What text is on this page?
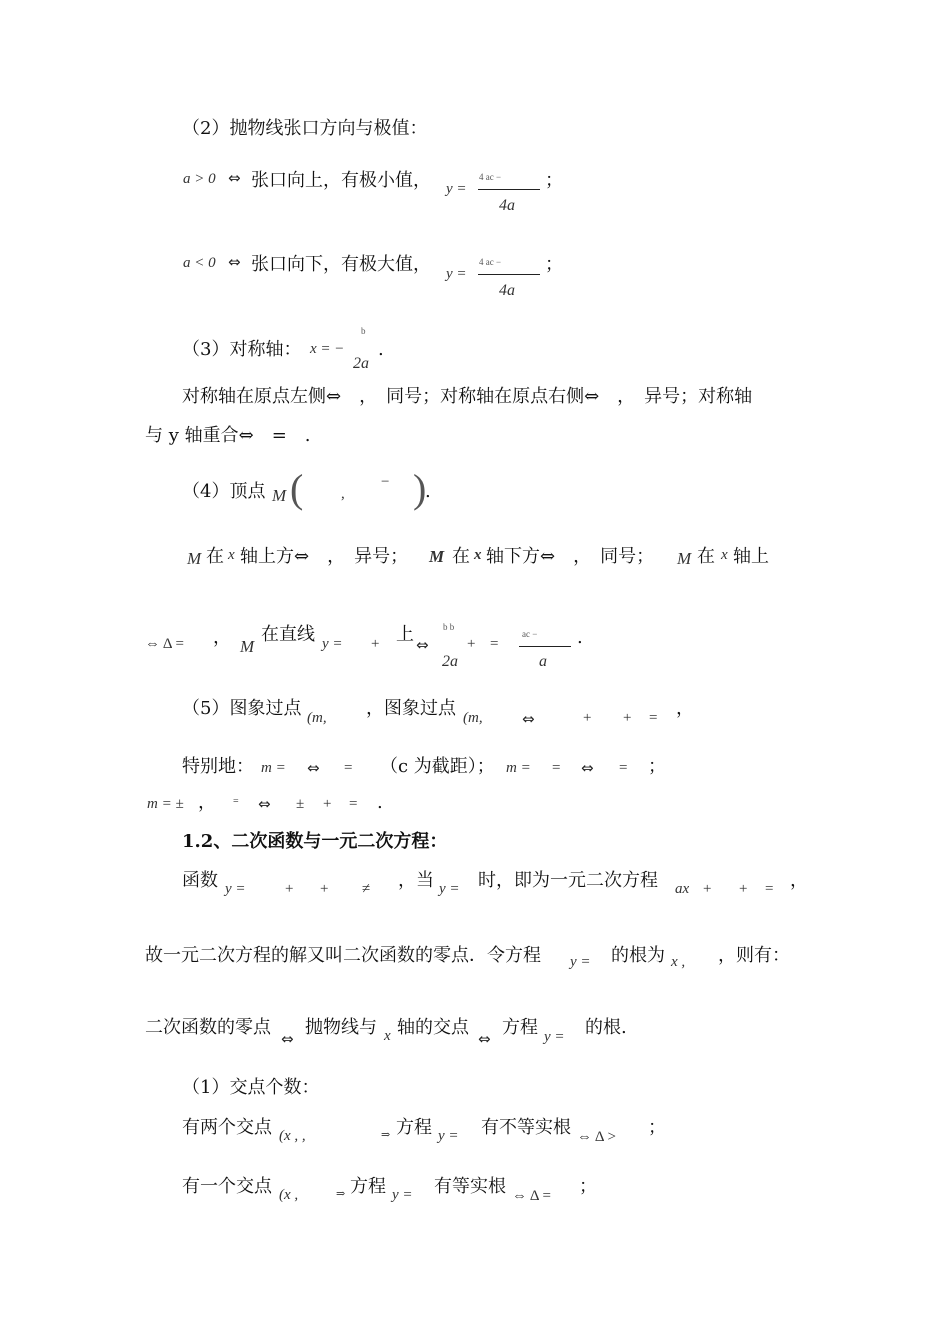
（2）抛物线张口方向与极值：
a > 0 ⇔ 张口向上，有极小值， y =
4 ac −
4a
；
a < 0 ⇔ 张口向下，有极大值， y =
4 ac −
4a
；
（3）对称轴： x = −
b
2a
.
对称轴在原点左侧⇔　，　同号；对称轴在原点右侧⇔　，　异号；对称轴
与 y 轴重合⇔　=　.
（4）顶点 M (	,
− )
.
M 在 x 轴上方⇔　，　异号； M 在 x 轴下方⇔　，　同号； M 在 x 轴上
⇔ Δ = ， M
在直线 y = + 上 ⇔
b b
2a
+ =
ac −
a
.
（5）图象过点 (m, ，图象过点 (m,	⇔	+ + = ，
特别地： m = ⇔ = （c 为截距）； m = = ⇔ = ；
m = ± ， = ⇔ ± + = .
1.2、二次函数与一元二次方程：
函数 y =	+ + ≠ ，当 y = 时，即为一元二次方程 ax + + = ，
故一元二次方程的解又叫二次函数的零点．令方程 y = 的根为 x , ，则有：
二次函数的零点
⇔
抛物线与 x 轴的交点
⇔
方程 y = 的根.
（1）交点个数：
有两个交点 (x , ,	⇒ 方程 y = 有不等实根 ⇔ Δ > ；
有一个交点 (x ,	⇒ 方程 y = 有等实根 ⇔ Δ = ；
